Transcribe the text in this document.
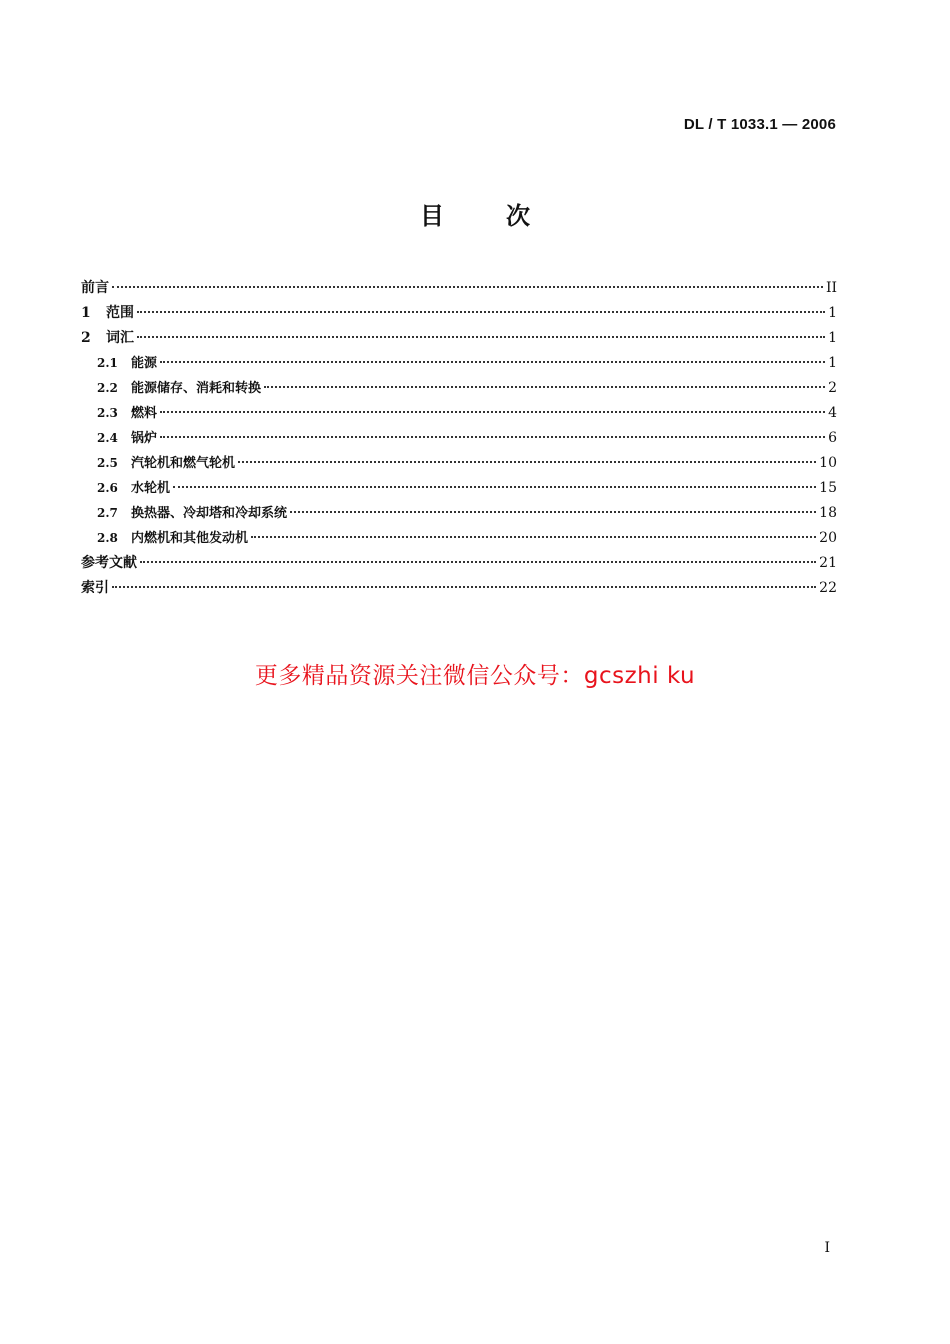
DL / T 1033.1 — 2006
目次
前言	II
1	范围	1
2	词汇	1
2.1	能源	1
2.2	能源储存、消耗和转换	2
2.3	燃料	4
2.4	锅炉	6
2.5	汽轮机和燃气轮机	10
2.6	水轮机	15
2.7	换热器、冷却塔和冷却系统	18
2.8	内燃机和其他发动机	20
参考文献	21
索引	22
更多精品资源关注微信公众号：gcszhi ku
I
